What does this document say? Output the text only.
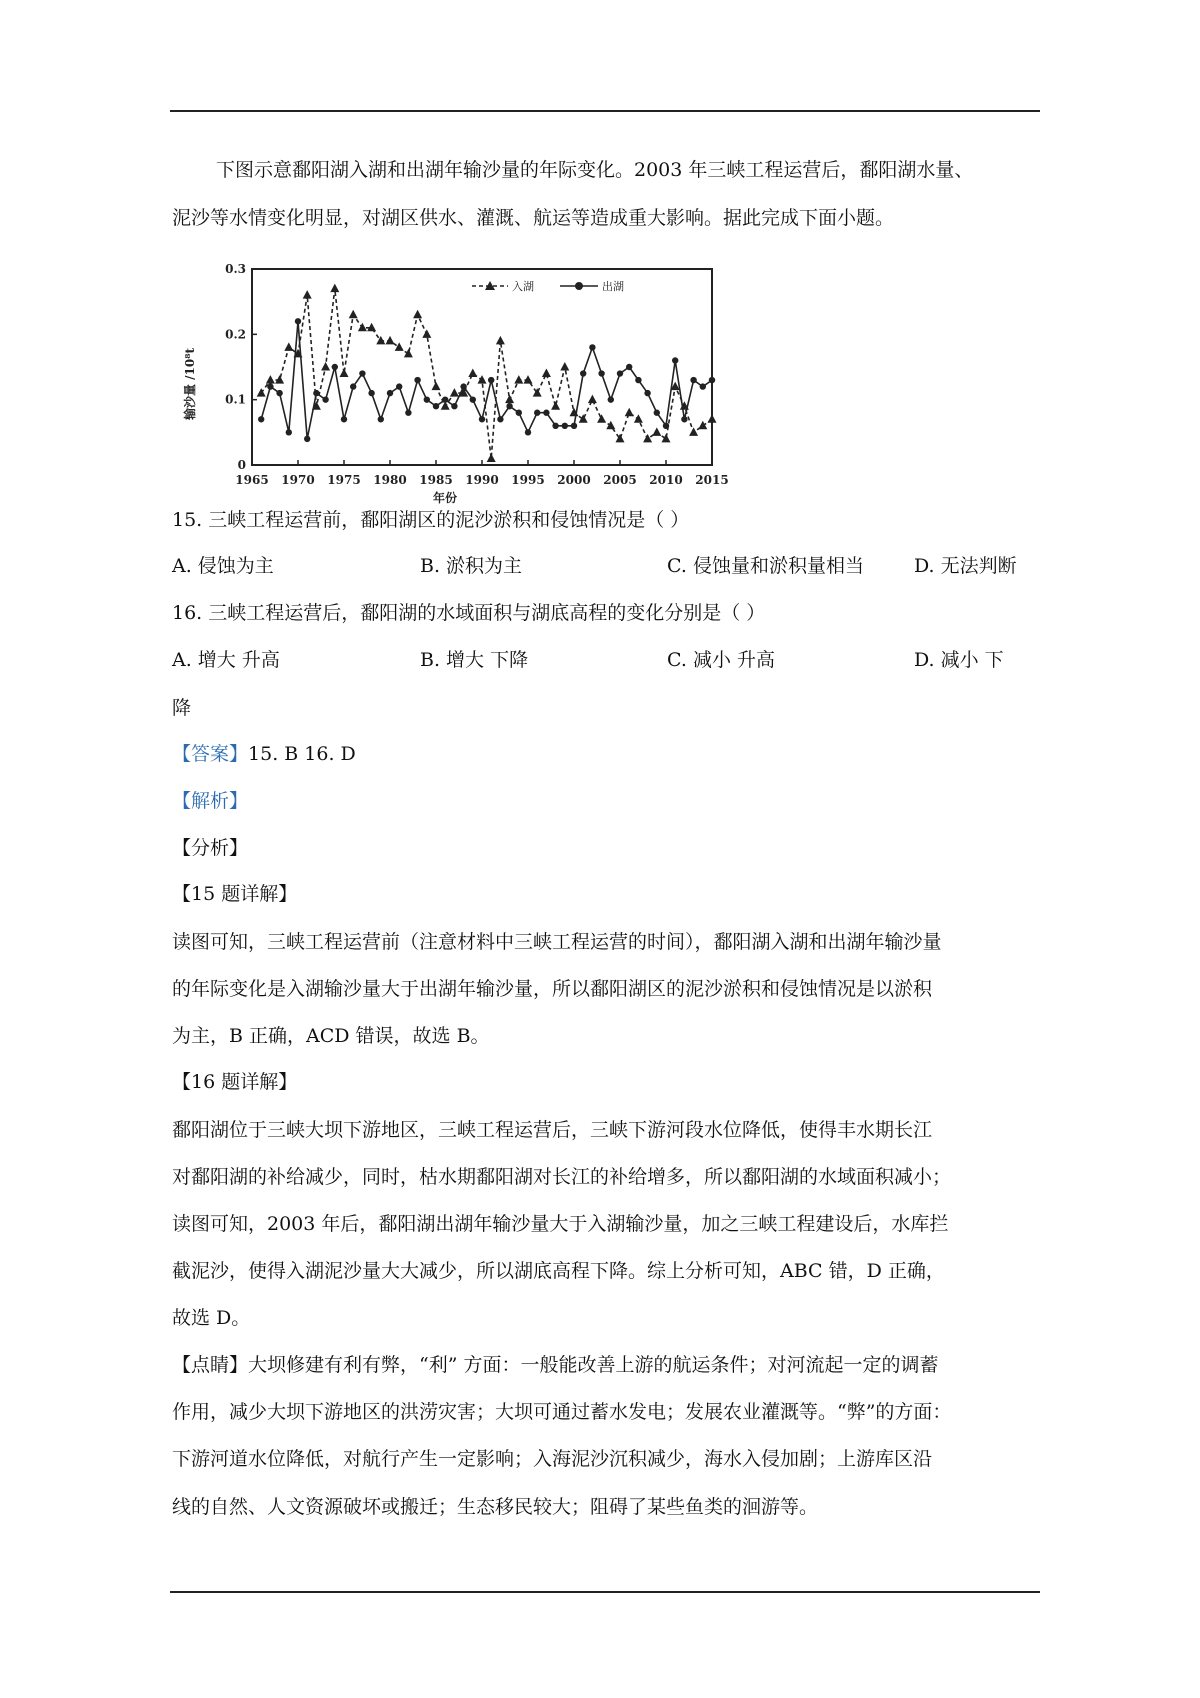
下图示意鄱阳湖入湖和出湖年输沙量的年际变化。2003 年三峡工程运营后，鄱阳湖水量、
泥沙等水情变化明显，对湖区供水、灌溉、航运等造成重大影响。据此完成下面小题。
0
0.1
0.2
0.3
1965 1970 1975 1980 1985 1990 1995 2000 2005 2010 2015
入湖	出湖
输沙量 /10⁸t
年份
15. 三峡工程运营前，鄱阳湖区的泥沙淤积和侵蚀情况是（ ）
A. 侵蚀为主	B. 淤积为主	C. 侵蚀量和淤积量相当	D. 无法判断
16. 三峡工程运营后，鄱阳湖的水域面积与湖底高程的变化分别是（ ）
A. 增大 升高	B. 增大 下降	C. 减小 升高	D. 减小 下
降
【答案】15. B 16. D
【解析】
【分析】
【15 题详解】
读图可知，三峡工程运营前（注意材料中三峡工程运营的时间），鄱阳湖入湖和出湖年输沙量
的年际变化是入湖输沙量大于出湖年输沙量，所以鄱阳湖区的泥沙淤积和侵蚀情况是以淤积
为主，B 正确，ACD 错误，故选 B。
【16 题详解】
鄱阳湖位于三峡大坝下游地区，三峡工程运营后，三峡下游河段水位降低，使得丰水期长江
对鄱阳湖的补给减少，同时，枯水期鄱阳湖对长江的补给增多，所以鄱阳湖的水域面积减小；
读图可知，2003 年后，鄱阳湖出湖年输沙量大于入湖输沙量，加之三峡工程建设后，水库拦
截泥沙，使得入湖泥沙量大大减少，所以湖底高程下降。综上分析可知，ABC 错，D 正确，
故选 D。
【点睛】大坝修建有利有弊，“利” 方面：一般能改善上游的航运条件；对河流起一定的调蓄
作用，减少大坝下游地区的洪涝灾害；大坝可通过蓄水发电；发展农业灌溉等。“弊”的方面：
下游河道水位降低，对航行产生一定影响；入海泥沙沉积减少，海水入侵加剧；上游库区沿
线的自然、人文资源破坏或搬迁；生态移民较大；阻碍了某些鱼类的洄游等。
